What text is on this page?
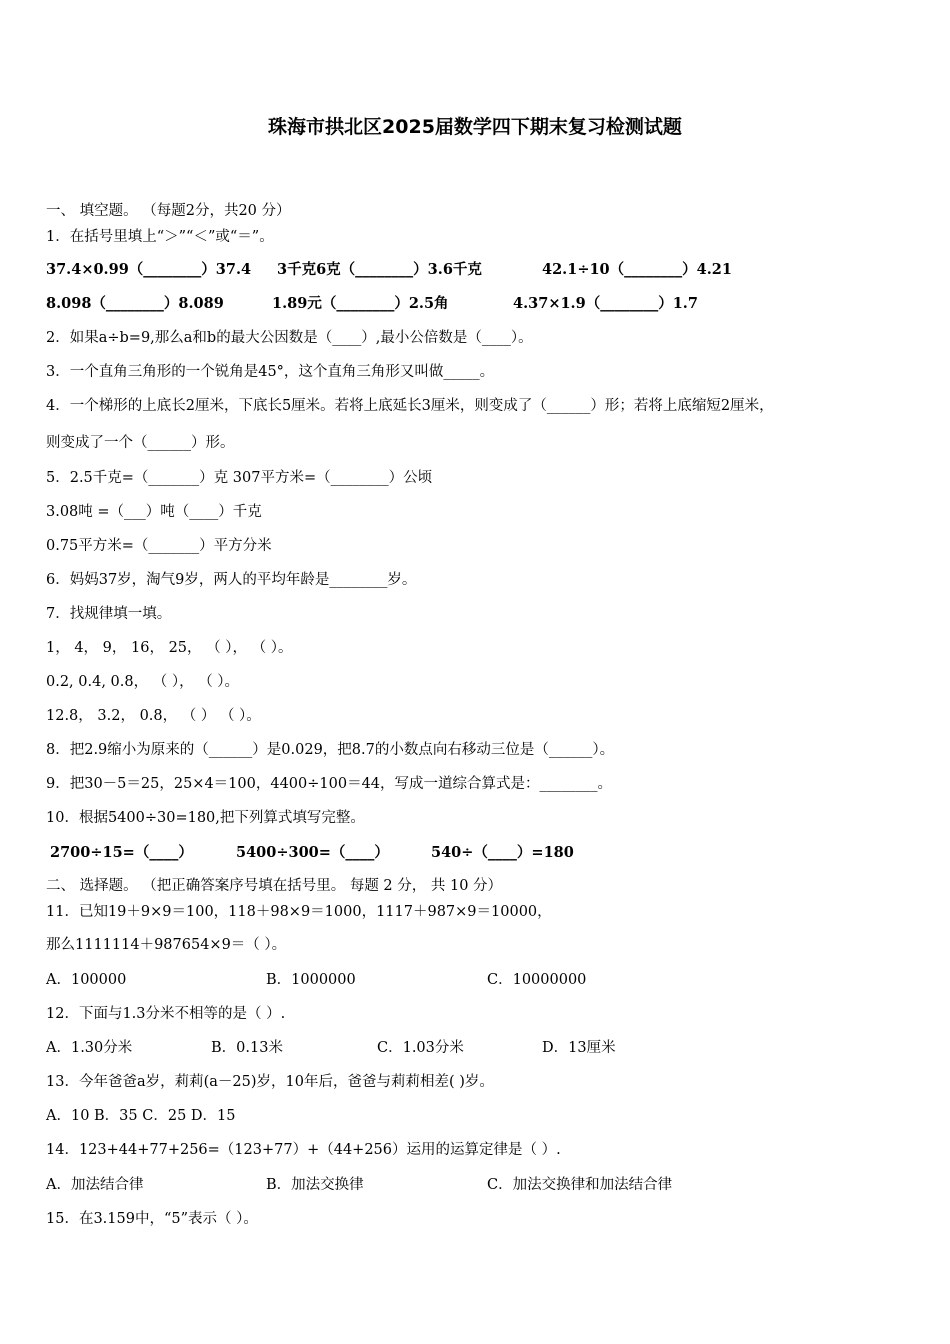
珠海市拱北区2025届数学四下期末复习检测试题
一、 填空题。 （每题2分，共20 分）
1．在括号里填上“＞”“＜”或“＝”。
37.4×0.99（________）37.4 3千克6克（________）3.6千克	42.1÷10（________）4.21
8.098（________）8.089	1.89元（________）2.5角	4.37×1.9（________）1.7
2．如果a÷b=9,那么a和b的最大公因数是（____）,最小公倍数是（____）。
3．一个直角三角形的一个锐角是45°，这个直角三角形又叫做_____。
4．一个梯形的上底长2厘米，下底长5厘米。若将上底延长3厘米，则变成了（______）形；若将上底缩短2厘米，
则变成了一个（______）形。
5．2.5千克=（_______）克 307平方米=（________）公顷
3.08吨 =（___）吨（____）千克
0.75平方米=（_______）平方分米
6．妈妈37岁，淘气9岁，两人的平均年龄是________岁。
7．找规律填一填。
1， 4， 9， 16， 25， （ ）， （ ）。
0.2, 0.4, 0.8， （ ）， （ ）。
12.8， 3.2， 0.8， （ ） （ ）。
8．把2.9缩小为原来的（______）是0.029，把8.7的小数点向右移动三位是（______）。
9．把30－5＝25，25×4＝100，4400÷100＝44，写成一道综合算式是：________。
10．根据5400÷30=180,把下列算式填写完整。
2700÷15=（____）	5400÷300=（____）	540÷（____）=180
二、 选择题。 （把正确答案序号填在括号里。 每题 2 分， 共 10 分）
11．已知19＋9×9＝100，118＋98×9＝1000，1117＋987×9＝10000，
那么1111114＋987654×9＝（ ）。
A．100000	B．1000000	C．10000000
12．下面与1.3分米不相等的是（ ）.
A．1.30分米	B．0.13米	C．1.03分米	D．13厘米
13．今年爸爸a岁，莉莉(a－25)岁，10年后，爸爸与莉莉相差( )岁。
A．10 B．35 C．25 D．15
14．123+44+77+256=（123+77）+（44+256）运用的运算定律是（ ）.
A．加法结合律	B．加法交换律	C．加法交换律和加法结合律
15．在3.159中，“5”表示（ ）。
